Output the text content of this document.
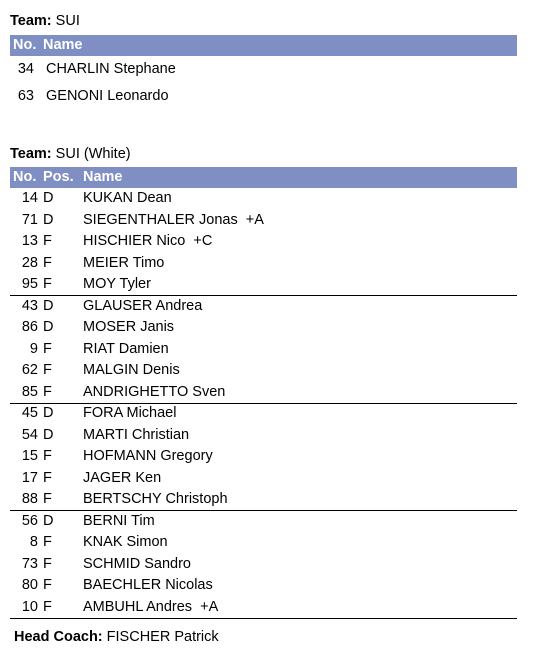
Team: SUI
No. Name
34 CHARLIN Stephane
63 GENONI Leonardo
Team: SUI (White)
No. Pos. Name
14 D KUKAN Dean
71 D SIEGENTHALER Jonas  +A
13 F HISCHIER Nico  +C
28 F MEIER Timo
95 F MOY Tyler
43 D GLAUSER Andrea
86 D MOSER Janis
9 F RIAT Damien
62 F MALGIN Denis
85 F ANDRIGHETTO Sven
45 D FORA Michael
54 D MARTI Christian
15 F HOFMANN Gregory
17 F JAGER Ken
88 F BERTSCHY Christoph
56 D BERNI Tim
8 F KNAK Simon
73 F SCHMID Sandro
80 F BAECHLER Nicolas
10 F AMBUHL Andres  +A
Head Coach: FISCHER Patrick
